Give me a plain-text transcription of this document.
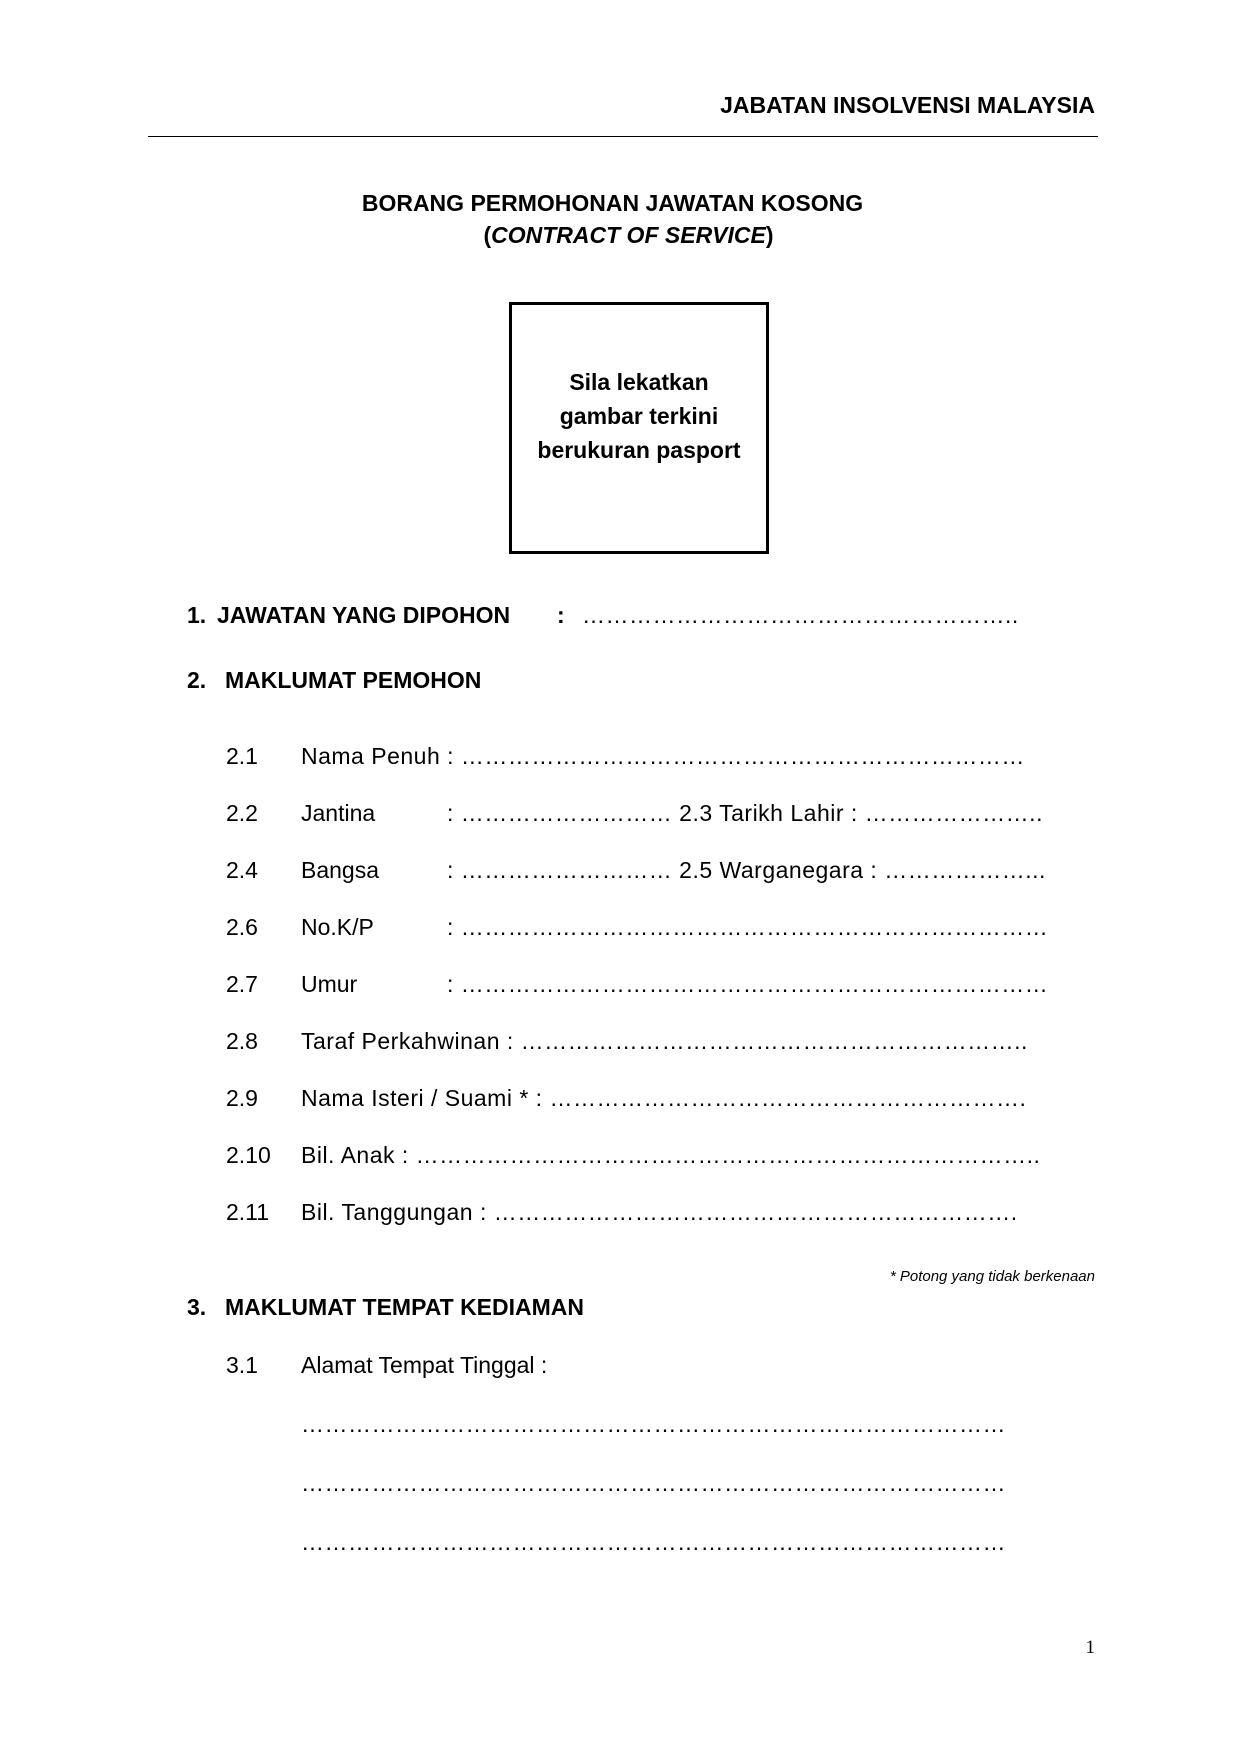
JABATAN INSOLVENSI MALAYSIA
BORANG PERMOHONAN JAWATAN KOSONG
(CONTRACT OF SERVICE)
Sila lekatkan
gambar terkini
berukuran pasport
1. JAWATAN YANG DIPOHON : ………………………………………………..
2. MAKLUMAT PEMOHON
2.1 Nama Penuh : ………………………………………………………………
2.2 Jantina	: ……………………… 2.3 Tarikh Lahir : …………………..
2.4 Bangsa	: ……………………… 2.5 Warganegara : ………………...
2.6 No.K/P	: …………………………………………………………………
2.7 Umur	: …………………………………………………………………
2.8 Taraf Perkahwinan : ………………………………………………………..
2.9 Nama Isteri / Suami * : …………………………………………………….
2.10 Bil. Anak : ……………………………………………………………………..
2.11 Bil. Tanggungan : ………………………………………………………….
* Potong yang tidak berkenaan
3. MAKLUMAT TEMPAT KEDIAMAN
3.1 Alamat Tempat Tinggal :
………………………………………………………………………………
………………………………………………………………………………
………………………………………………………………………………
1
